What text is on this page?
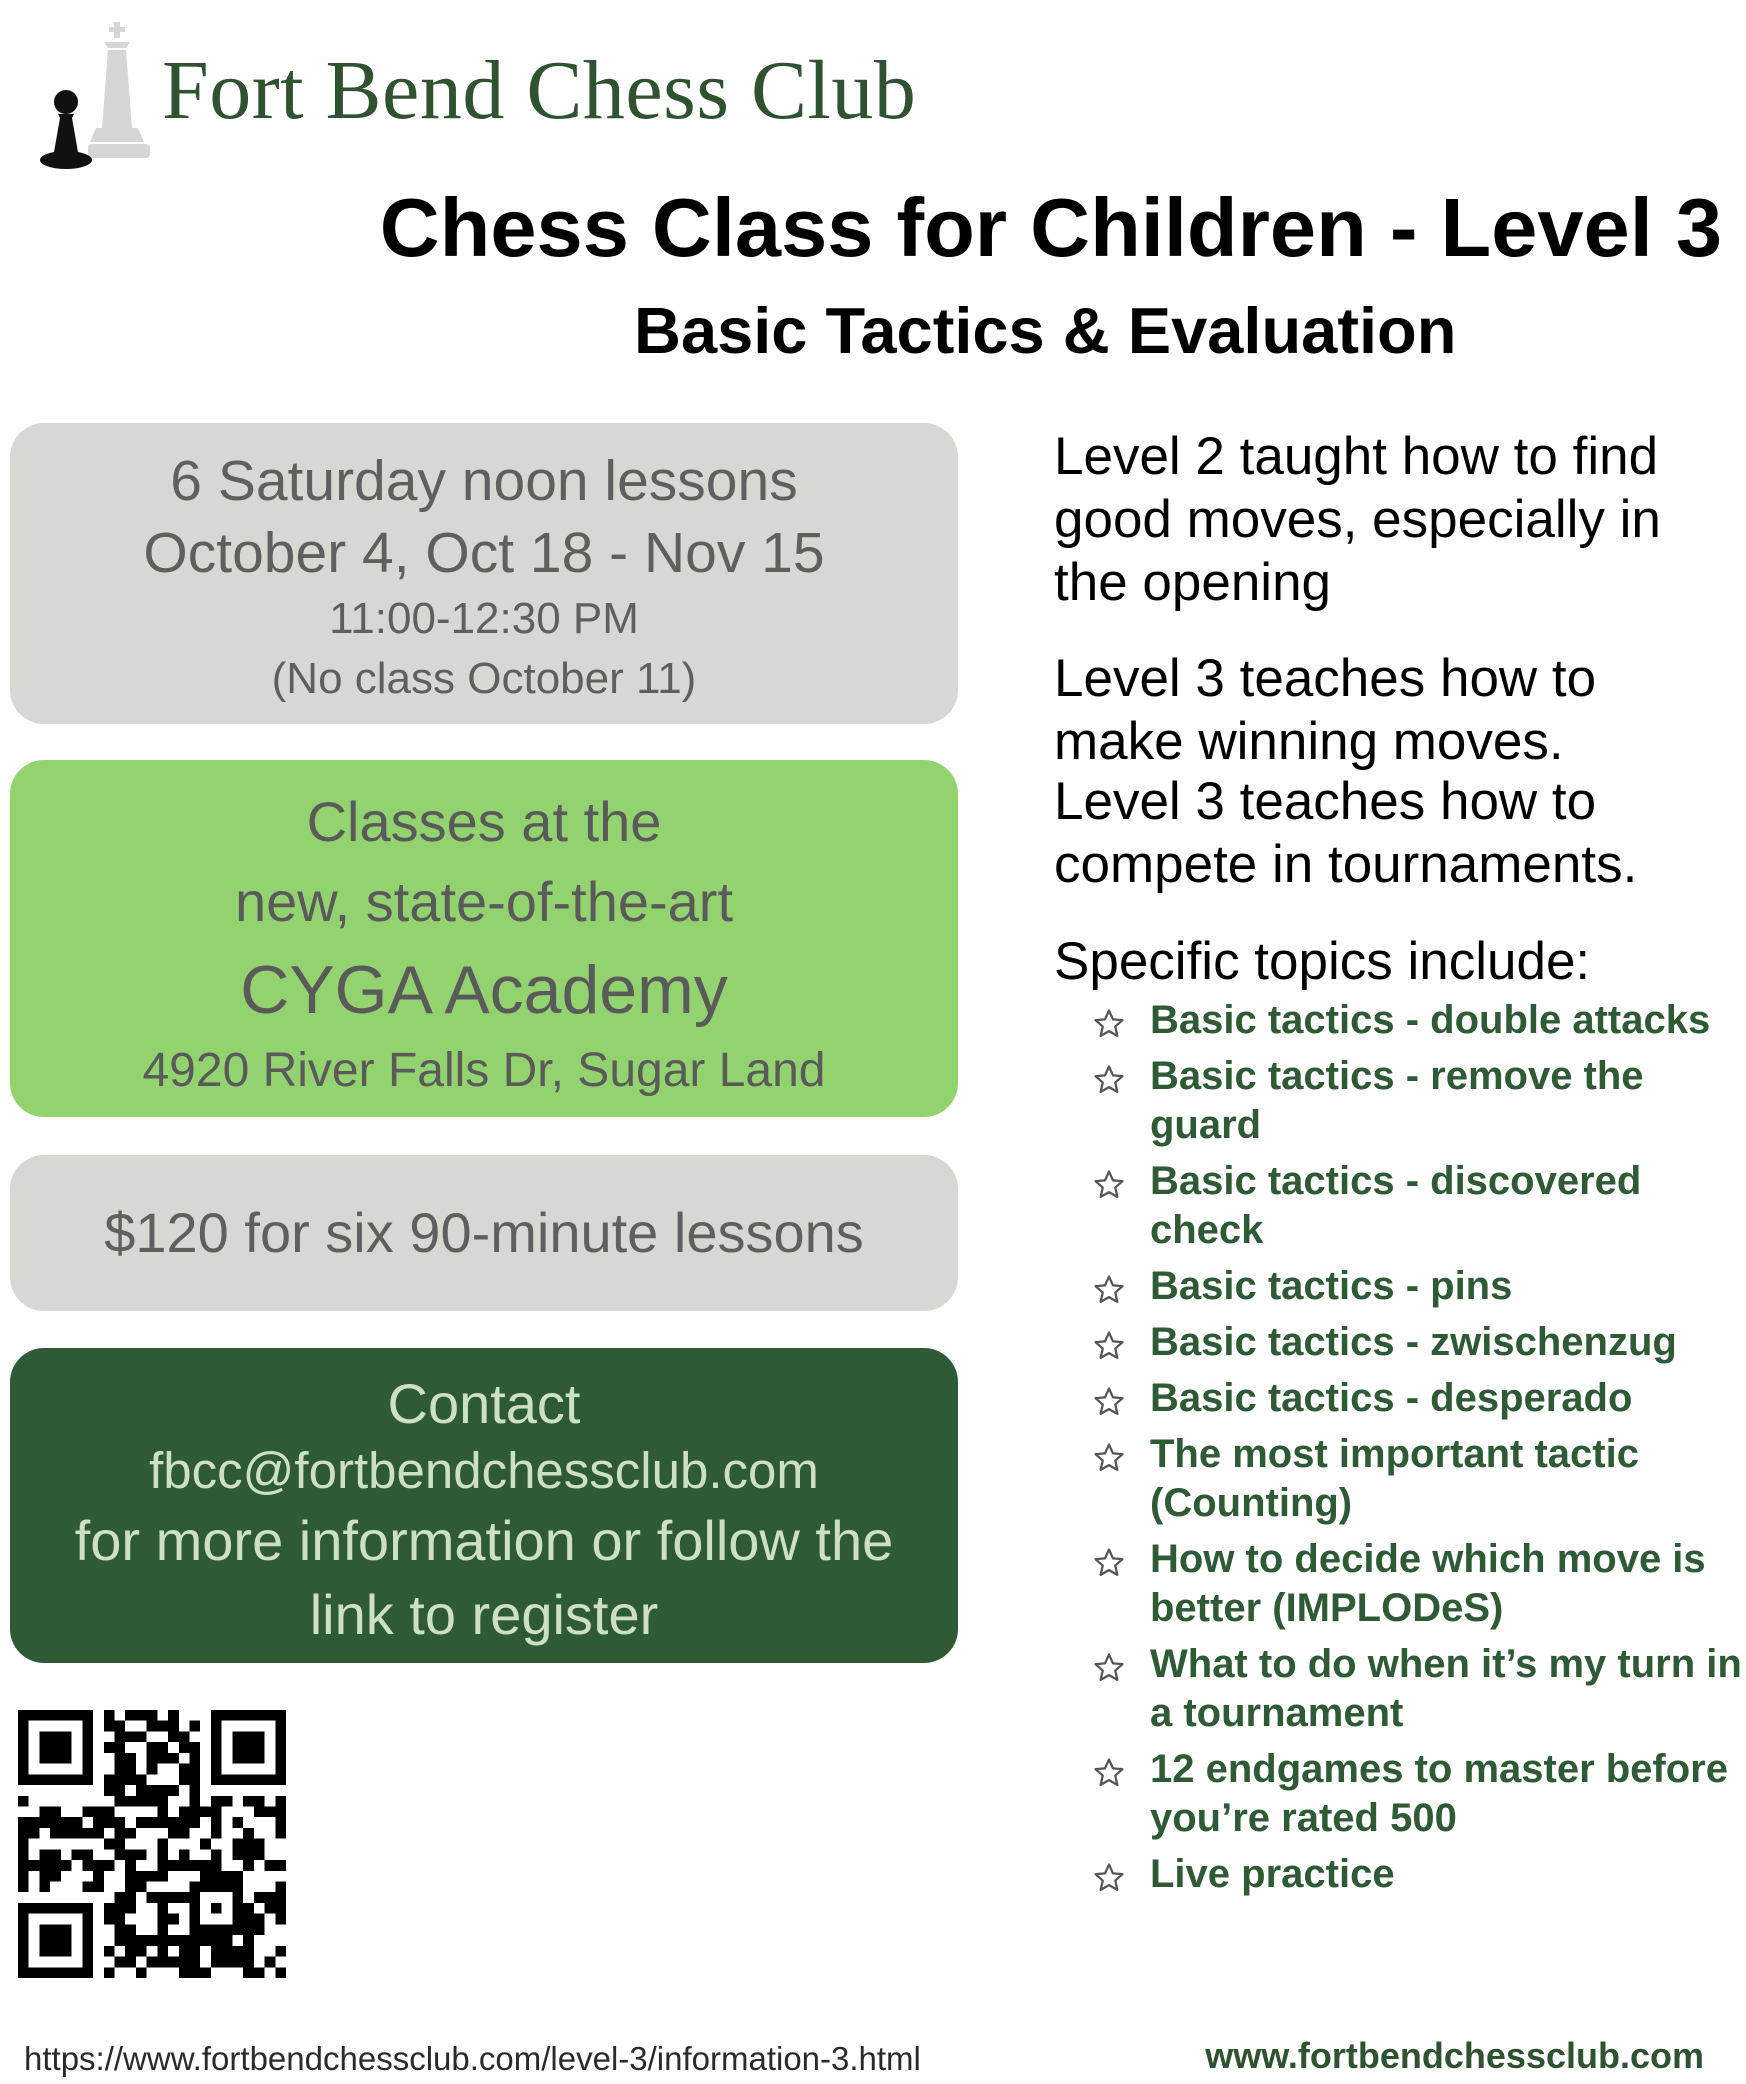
Fort Bend Chess Club
Chess Class for Children - Level 3
Basic Tactics & Evaluation
6 Saturday noon lessons
October 4, Oct 18 - Nov 15
11:00-12:30 PM
(No class October 11)
Classes at the
new, state-of-the-art
CYGA Academy
4920 River Falls Dr, Sugar Land
$120 for six 90-minute lessons
Contact
fbcc@fortbendchessclub.com
for more information or follow the
link to register
Level 2 taught how to find good moves, especially in the opening
Level 3 teaches how to make winning moves.
Level 3 teaches how to compete in tournaments.
Specific topics include:
Basic tactics - double attacks
Basic tactics - remove the guard
Basic tactics - discovered check
Basic tactics - pins
Basic tactics - zwischenzug
Basic tactics - desperado
The most important tactic (Counting)
How to decide which move is better (IMPLODeS)
What to do when it’s my turn in a tournament
12 endgames to master before you’re rated 500
Live practice
https://www.fortbendchessclub.com/level-3/information-3.html	www.fortbendchessclub.com
